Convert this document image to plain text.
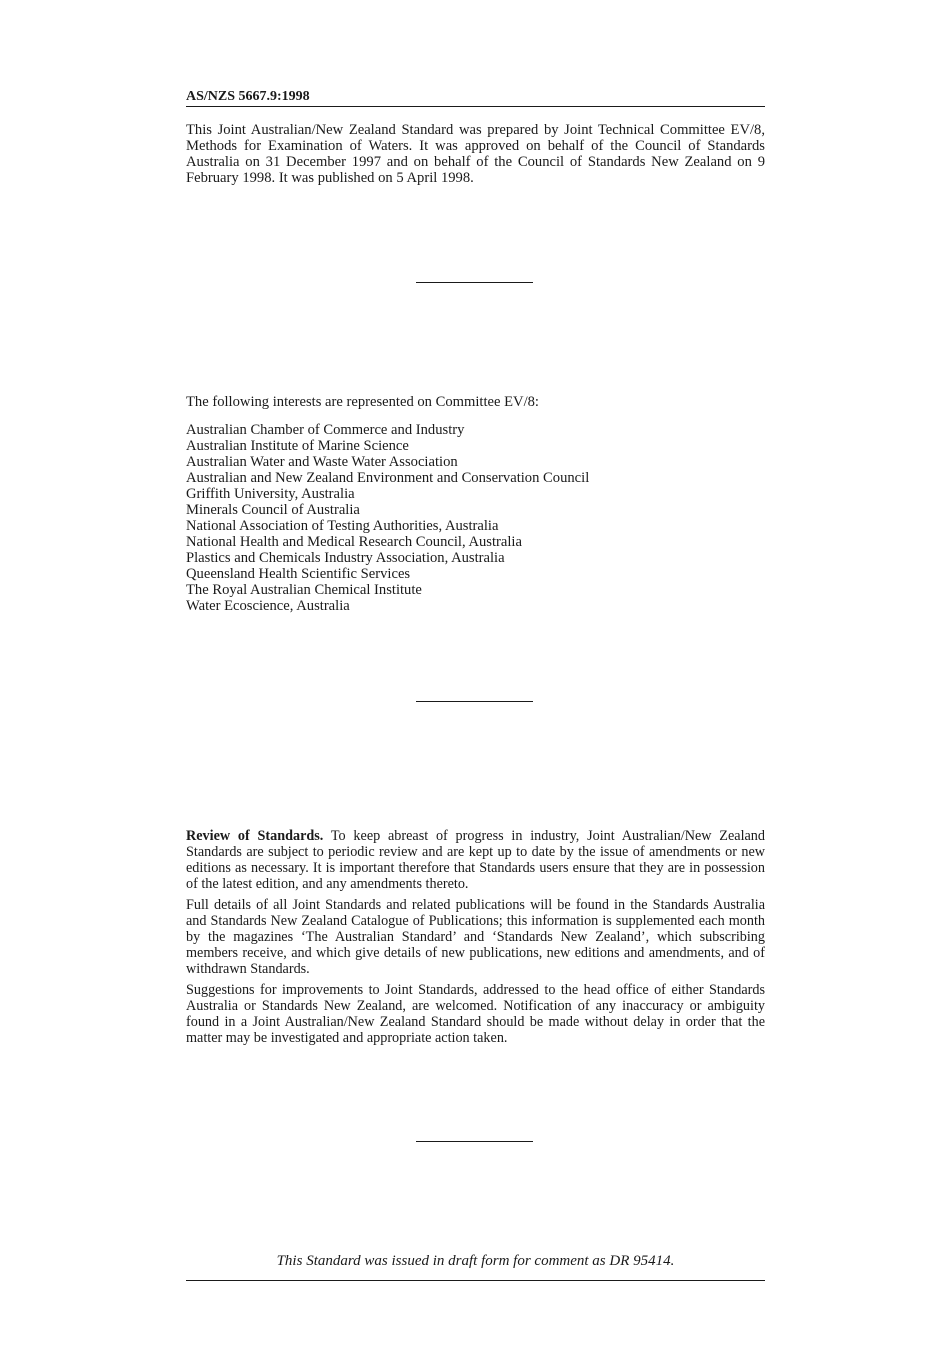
AS/NZS 5667.9:1998

This Joint Australian/New Zealand Standard was prepared by Joint Technical Committee EV/8, Methods for Examination of Waters. It was approved on behalf of the Council of Standards Australia on 31 December 1997 and on behalf of the Council of Standards New Zealand on 9 February 1998. It was published on 5 April 1998.

The following interests are represented on Committee EV/8:
Australian Chamber of Commerce and Industry
Australian Institute of Marine Science
Australian Water and Waste Water Association
Australian and New Zealand Environment and Conservation Council
Griffith University, Australia
Minerals Council of Australia
National Association of Testing Authorities, Australia
National Health and Medical Research Council, Australia
Plastics and Chemicals Industry Association, Australia
Queensland Health Scientific Services
The Royal Australian Chemical Institute
Water Ecoscience, Australia

Review of Standards. To keep abreast of progress in industry, Joint Australian/New Zealand Standards are subject to periodic review and are kept up to date by the issue of amendments or new editions as necessary. It is important therefore that Standards users ensure that they are in possession of the latest edition, and any amendments thereto.

Full details of all Joint Standards and related publications will be found in the Standards Australia and Standards New Zealand Catalogue of Publications; this information is supplemented each month by the magazines ‘The Australian Standard’ and ‘Standards New Zealand’, which subscribing members receive, and which give details of new publications, new editions and amendments, and of withdrawn Standards.

Suggestions for improvements to Joint Standards, addressed to the head office of either Standards Australia or Standards New Zealand, are welcomed. Notification of any inaccuracy or ambiguity found in a Joint Australian/New Zealand Standard should be made without delay in order that the matter may be investigated and appropriate action taken.

This Standard was issued in draft form for comment as DR 95414.
